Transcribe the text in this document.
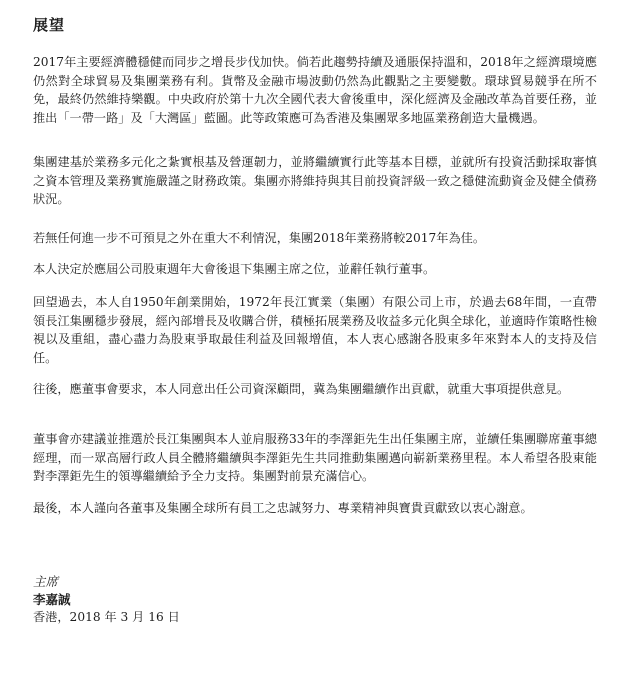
展望

2017年主要經濟體穩健而同步之增長步伐加快。倘若此趨勢持續及通脹保持溫和，2018年之經濟環境應仍然對全球貿易及集團業務有利。貨幣及金融市場波動仍然為此觀點之主要變數。環球貿易競爭在所不免，最終仍然維持樂觀。中央政府於第十九次全國代表大會後重申，深化經濟及金融改革為首要任務，並推出「一帶一路」及「大灣區」藍圖。此等政策應可為香港及集團眾多地區業務創造大量機遇。

集團建基於業務多元化之紮實根基及營運韌力，並將繼續實行此等基本目標，並就所有投資活動採取審慎之資本管理及業務實施嚴謹之財務政策。集團亦將維持與其目前投資評級一致之穩健流動資金及健全債務狀況。

若無任何進一步不可預見之外在重大不利情況，集團2018年業務將較2017年為佳。

本人決定於應屆公司股東週年大會後退下集團主席之位，並辭任執行董事。

回望過去，本人自1950年創業開始，1972年長江實業（集團）有限公司上市，於過去68年間，一直帶領長江集團穩步發展，經內部增長及收購合併，積極拓展業務及收益多元化與全球化，並適時作策略性檢視以及重組，盡心盡力為股東爭取最佳利益及回報增值，本人衷心感謝各股東多年來對本人的支持及信任。

往後，應董事會要求，本人同意出任公司資深顧問，冀為集團繼續作出貢獻，就重大事項提供意見。

董事會亦建議並推選於長江集團與本人並肩服務33年的李澤鉅先生出任集團主席，並續任集團聯席董事總經理，而一眾高層行政人員全體將繼續與李澤鉅先生共同推動集團邁向嶄新業務里程。本人希望各股東能對李澤鉅先生的領導繼續給予全力支持。集團對前景充滿信心。

最後，本人謹向各董事及集團全球所有員工之忠誠努力、專業精神與寶貴貢獻致以衷心謝意。

主席

李嘉誠

香港，2018 年 3 月 16 日
